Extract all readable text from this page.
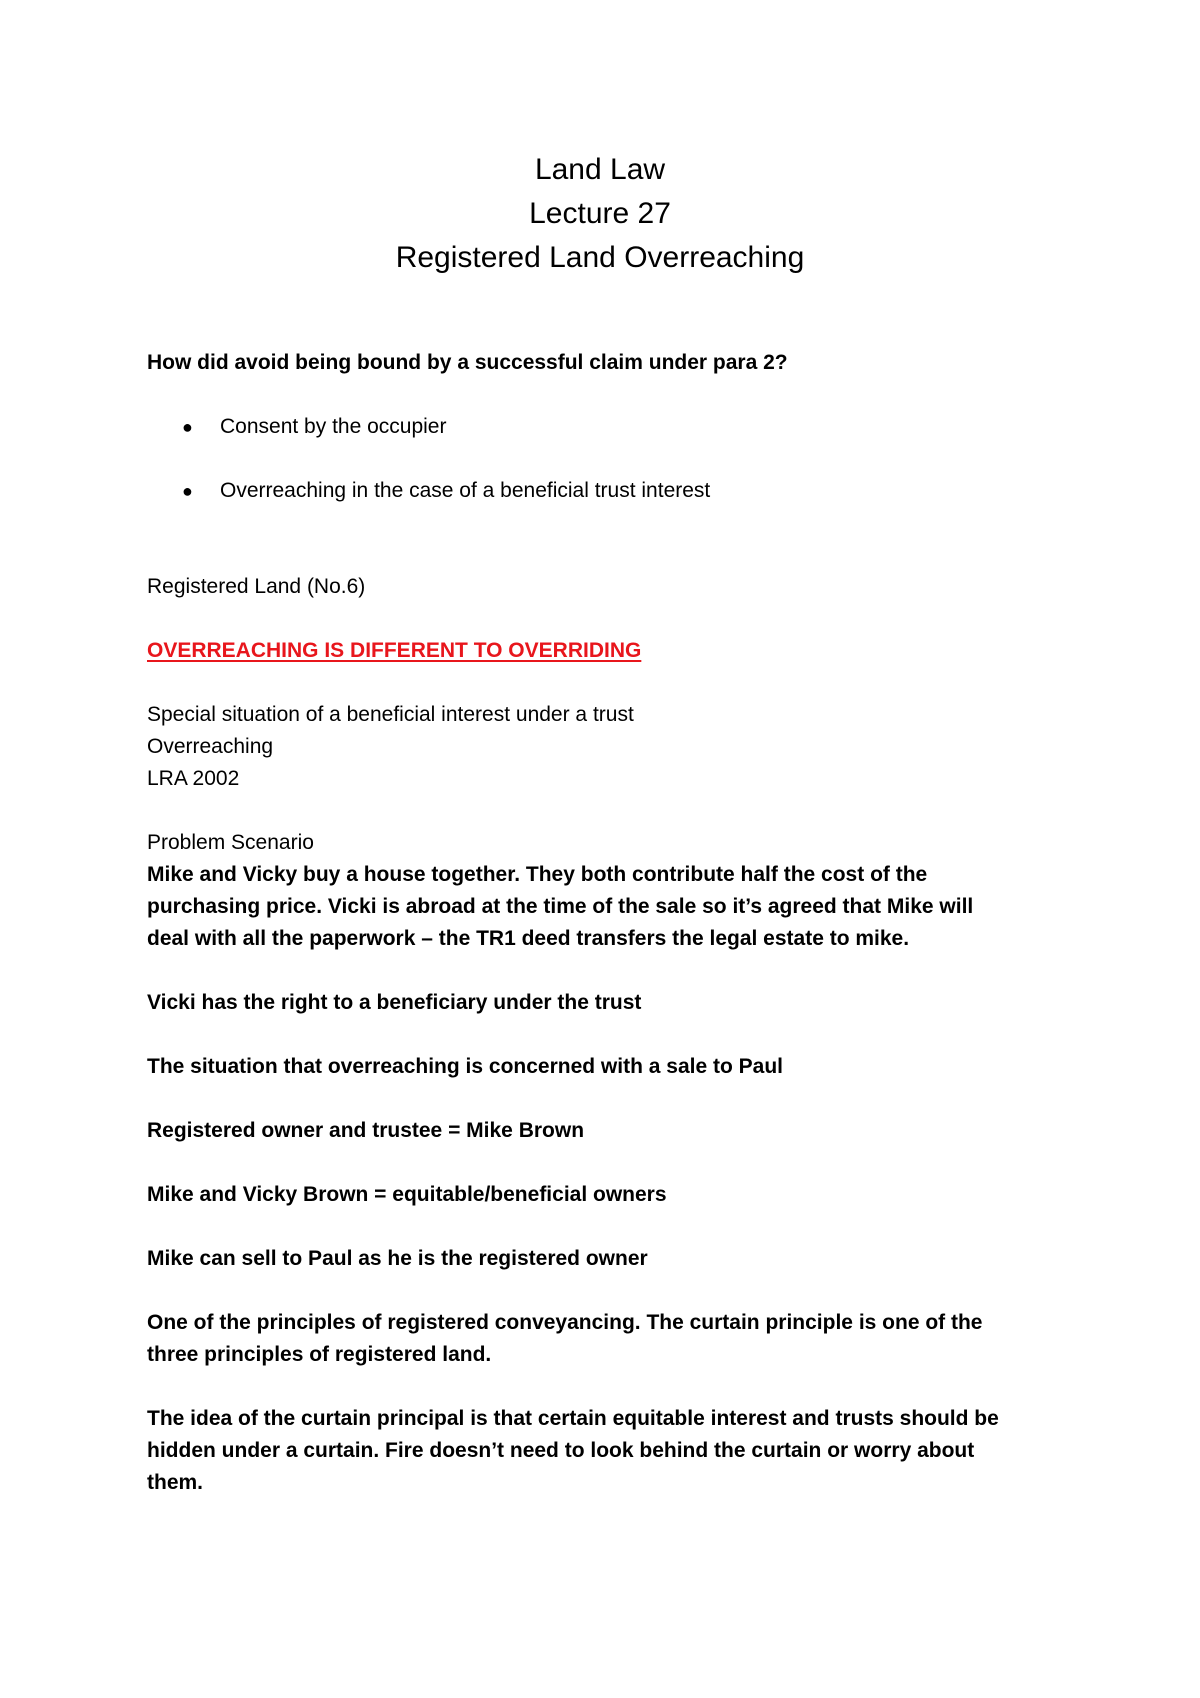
Land Law
Lecture 27
Registered Land Overreaching
How did avoid being bound by a successful claim under para 2?
● Consent by the occupier
● Overreaching in the case of a beneficial trust interest
Registered Land (No.6)
OVERREACHING IS DIFFERENT TO OVERRIDING
Special situation of a beneficial interest under a trust
Overreaching
LRA 2002
Problem Scenario
Mike and Vicky buy a house together. They both contribute half the cost of the
purchasing price. Vicki is abroad at the time of the sale so it’s agreed that Mike will
deal with all the paperwork – the TR1 deed transfers the legal estate to mike.
Vicki has the right to a beneficiary under the trust
The situation that overreaching is concerned with a sale to Paul
Registered owner and trustee = Mike Brown
Mike and Vicky Brown = equitable/beneficial owners
Mike can sell to Paul as he is the registered owner
One of the principles of registered conveyancing. The curtain principle is one of the
three principles of registered land.
The idea of the curtain principal is that certain equitable interest and trusts should be
hidden under a curtain. Fire doesn’t need to look behind the curtain or worry about
them.
